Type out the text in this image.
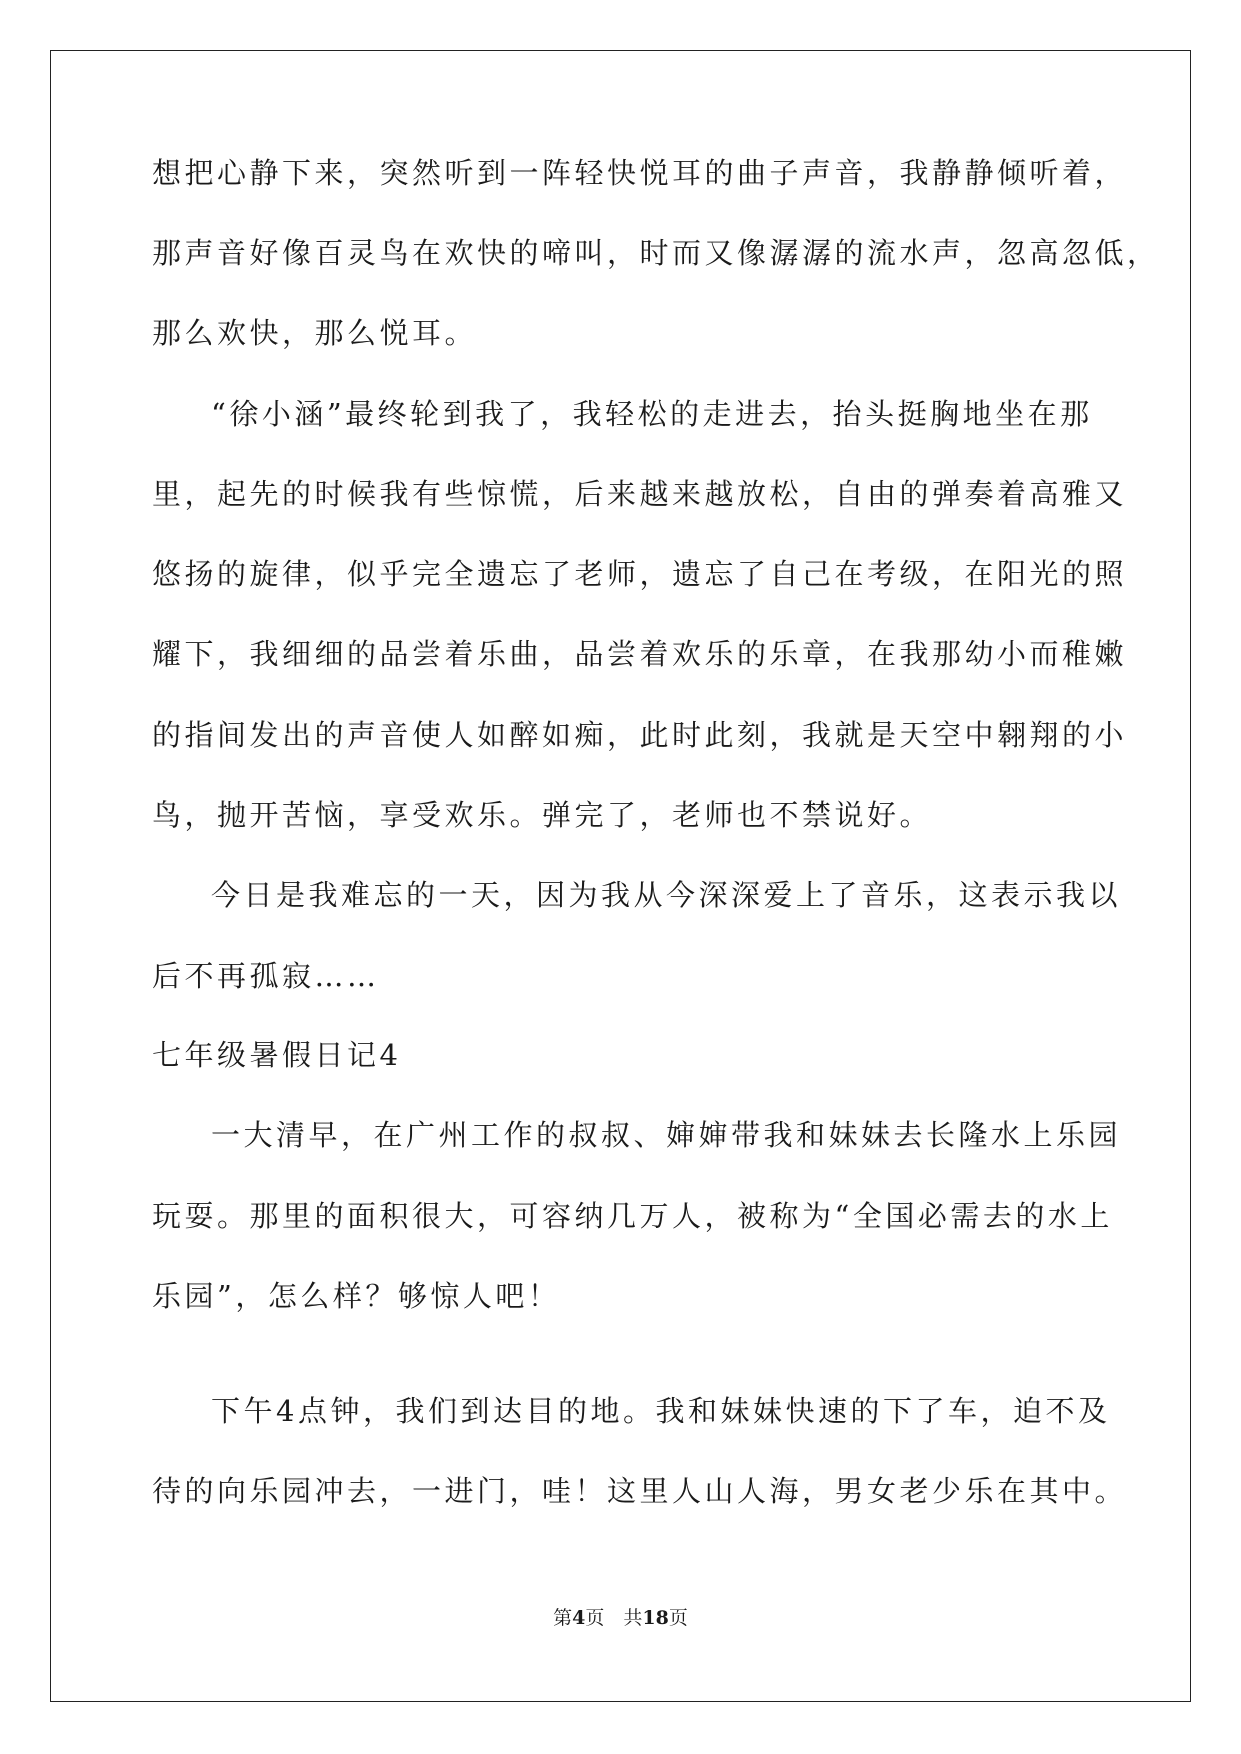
想把心静下来，突然听到一阵轻快悦耳的曲子声音，我静静倾听着，
那声音好像百灵鸟在欢快的啼叫，时而又像潺潺的流水声，忽高忽低，
那么欢快，那么悦耳。
“徐小涵”最终轮到我了，我轻松的走进去，抬头挺胸地坐在那
里，起先的时候我有些惊慌，后来越来越放松，自由的弹奏着高雅又
悠扬的旋律，似乎完全遗忘了老师，遗忘了自己在考级，在阳光的照
耀下，我细细的品尝着乐曲，品尝着欢乐的乐章，在我那幼小而稚嫩
的指间发出的声音使人如醉如痴，此时此刻，我就是天空中翱翔的小
鸟，抛开苦恼，享受欢乐。弹完了，老师也不禁说好。
今日是我难忘的一天，因为我从今深深爱上了音乐，这表示我以
后不再孤寂……
七年级暑假日记4
一大清早，在广州工作的叔叔、婶婶带我和妹妹去长隆水上乐园
玩耍。那里的面积很大，可容纳几万人，被称为“全国必需去的水上
乐园”，怎么样？够惊人吧！
下午4点钟，我们到达目的地。我和妹妹快速的下了车，迫不及
待的向乐园冲去，一进门，哇！这里人山人海，男女老少乐在其中。
第4页　共18页
